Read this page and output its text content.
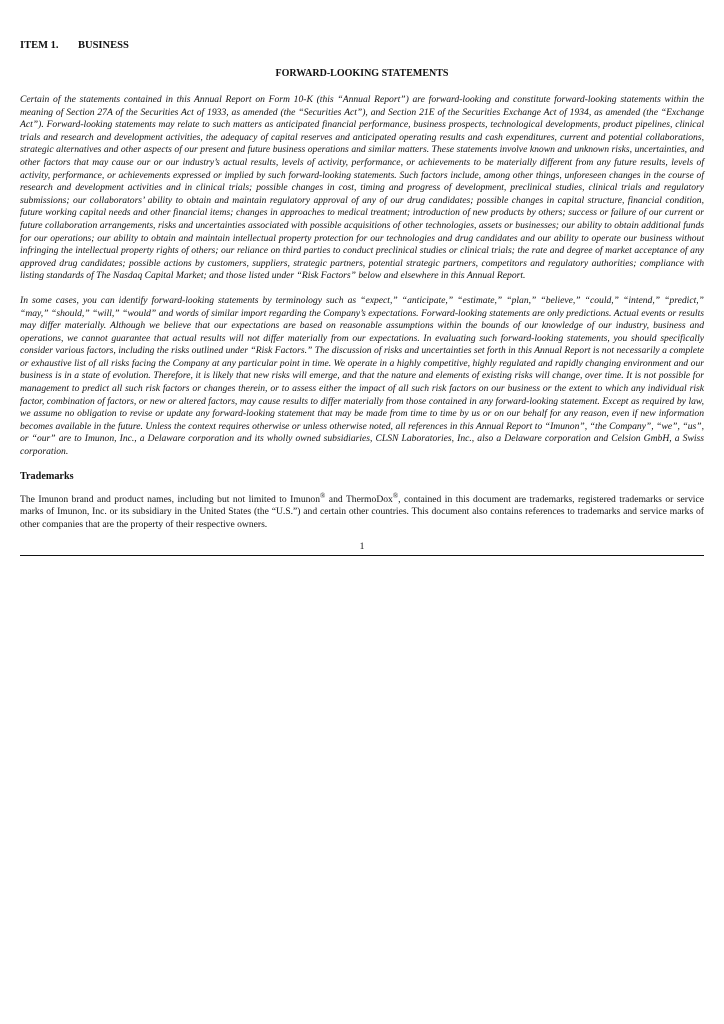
ITEM 1. BUSINESS
FORWARD-LOOKING STATEMENTS

Certain of the statements contained in this Annual Report on Form 10-K (this “Annual Report”) are forward-looking and constitute forward-looking statements within the meaning of Section 27A of the Securities Act of 1933, as amended (the “Securities Act”), and Section 21E of the Securities Exchange Act of 1934, as amended (the “Exchange Act”). Forward-looking statements may relate to such matters as anticipated financial performance, business prospects, technological developments, product pipelines, clinical trials and research and development activities, the adequacy of capital reserves and anticipated operating results and cash expenditures, current and potential collaborations, strategic alternatives and other aspects of our present and future business operations and similar matters. These statements involve known and unknown risks, uncertainties, and other factors that may cause our or our industry’s actual results, levels of activity, performance, or achievements to be materially different from any future results, levels of activity, performance, or achievements expressed or implied by such forward-looking statements. Such factors include, among other things, unforeseen changes in the course of research and development activities and in clinical trials; possible changes in cost, timing and progress of development, preclinical studies, clinical trials and regulatory submissions; our collaborators’ ability to obtain and maintain regulatory approval of any of our drug candidates; possible changes in capital structure, financial condition, future working capital needs and other financial items; changes in approaches to medical treatment; introduction of new products by others; success or failure of our current or future collaboration arrangements, risks and uncertainties associated with possible acquisitions of other technologies, assets or businesses; our ability to obtain additional funds for our operations; our ability to obtain and maintain intellectual property protection for our technologies and drug candidates and our ability to operate our business without infringing the intellectual property rights of others; our reliance on third parties to conduct preclinical studies or clinical trials; the rate and degree of market acceptance of any approved drug candidates; possible actions by customers, suppliers, strategic partners, potential strategic partners, competitors and regulatory authorities; compliance with listing standards of The Nasdaq Capital Market; and those listed under “Risk Factors” below and elsewhere in this Annual Report.

In some cases, you can identify forward-looking statements by terminology such as “expect,” “anticipate,” “estimate,” “plan,” “believe,” “could,” “intend,” “predict,” “may,” “should,” “will,” “would” and words of similar import regarding the Company’s expectations. Forward-looking statements are only predictions. Actual events or results may differ materially. Although we believe that our expectations are based on reasonable assumptions within the bounds of our knowledge of our industry, business and operations, we cannot guarantee that actual results will not differ materially from our expectations. In evaluating such forward-looking statements, you should specifically consider various factors, including the risks outlined under “Risk Factors.” The discussion of risks and uncertainties set forth in this Annual Report is not necessarily a complete or exhaustive list of all risks facing the Company at any particular point in time. We operate in a highly competitive, highly regulated and rapidly changing environment and our business is in a state of evolution. Therefore, it is likely that new risks will emerge, and that the nature and elements of existing risks will change, over time. It is not possible for management to predict all such risk factors or changes therein, or to assess either the impact of all such risk factors on our business or the extent to which any individual risk factor, combination of factors, or new or altered factors, may cause results to differ materially from those contained in any forward-looking statement. Except as required by law, we assume no obligation to revise or update any forward-looking statement that may be made from time to time by us or on our behalf for any reason, even if new information becomes available in the future. Unless the context requires otherwise or unless otherwise noted, all references in this Annual Report to “Imunon”, “the Company”, “we”, “us”, or “our” are to Imunon, Inc., a Delaware corporation and its wholly owned subsidiaries, CLSN Laboratories, Inc., also a Delaware corporation and Celsion GmbH, a Swiss corporation.

Trademarks

The Imunon brand and product names, including but not limited to Imunon® and ThermoDox®, contained in this document are trademarks, registered trademarks or service marks of Imunon, Inc. or its subsidiary in the United States (the “U.S.”) and certain other countries. This document also contains references to trademarks and service marks of other companies that are the property of their respective owners.

1
